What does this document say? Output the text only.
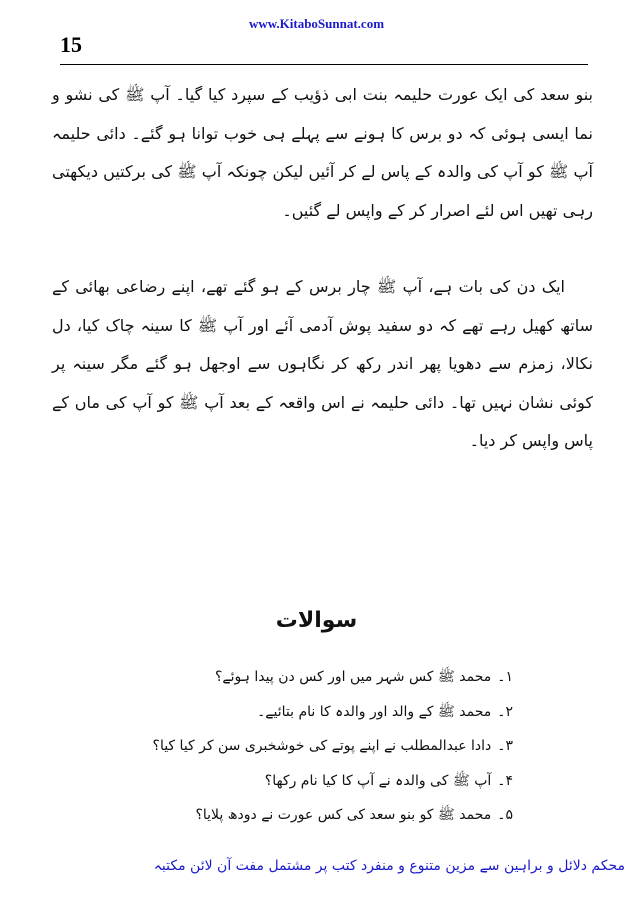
15
www.KitaboSunnat.com

بنو سعد کی ایک عورت حلیمہ بنت ابی ذؤیب کے سپرد کیا گیا۔ آپ ﷺ کی نشو و نما ایسی ہوئی کہ دو برس کا ہونے سے پہلے ہی خوب توانا ہو گئے۔ دائی حلیمہ آپ ﷺ کو آپ کی والدہ کے پاس لے کر آئیں لیکن چونکہ آپ ﷺ کی برکتیں دیکھتی رہی تھیں اس لئے اصرار کر کے واپس لے گئیں۔

ایک دن کی بات ہے، آپ ﷺ چار برس کے ہو گئے تھے، اپنے رضاعی بھائی کے ساتھ کھیل رہے تھے کہ دو سفید پوش آدمی آئے اور آپ ﷺ کا سینہ چاک کیا، دل نکالا، زمزم سے دھویا پھر اندر رکھ کر نگاہوں سے اوجھل ہو گئے مگر سینہ پر کوئی نشان نہیں تھا۔ دائی حلیمہ نے اس واقعہ کے بعد آپ ﷺ کو آپ کی ماں کے پاس واپس کر دیا۔

سوالات
۱۔محمد ﷺ کس شہر میں اور کس دن پیدا ہوئے؟
۲۔محمد ﷺ کے والد اور والدہ کا نام بتائیے۔
۳۔دادا عبدالمطلب نے اپنے پوتے کی خوشخبری سن کر کیا کیا؟
۴۔آپ ﷺ کی والدہ نے آپ کا کیا نام رکھا؟
۵۔محمد ﷺ کو بنو سعد کی کس عورت نے دودھ پلایا؟
محکم دلائل و براہین سے مزین متنوع و منفرد کتب پر مشتمل مفت آن لائن مکتبہ
